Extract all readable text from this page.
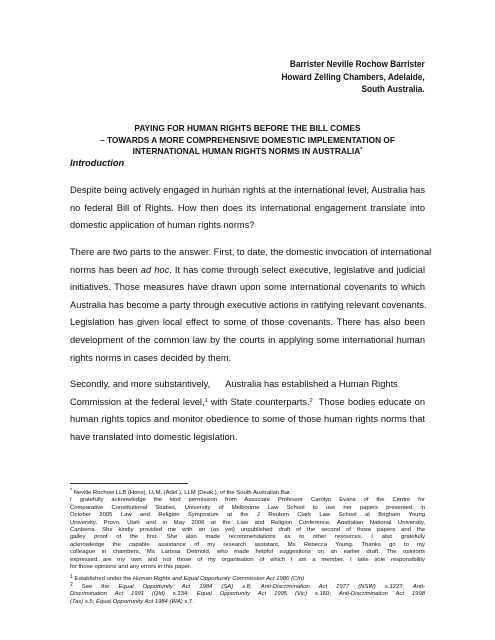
Barrister Neville Rochow Barrister
Howard Zelling Chambers, Adelaide,
South Australia.
PAYING FOR HUMAN RIGHTS BEFORE THE BILL COMES
– TOWARDS A MORE COMPREHENSIVE DOMESTIC IMPLEMENTATION OF
INTERNATIONAL HUMAN RIGHTS NORMS IN AUSTRALIA*
Introduction
Despite being actively engaged in human rights at the international level, Australia has
no federal Bill of Rights. How then does its international engagement translate into
domestic application of human rights norms?
There are two parts to the answer. First, to date, the domestic invocation of international
norms has been ad hoc. It has come through select executive, legislative and judicial
initiatives. Those measures have drawn upon some international covenants to which
Australia has become a party through executive actions in ratifying relevant covenants.
Legislation has given local effect to some of those covenants. There has also been
development of the common law by the courts in applying some international human
rights norms in cases decided by them.
Secondly, and more substantively,      Australia has established a Human Rights
Commission at the federal level,$^1$ with State counterparts.$^2$  Those bodies educate on
human rights topics and monitor obedience to some of those human rights norms that
have translated into domestic legislation.

* Neville Rochow LLB (Hons), LLM, (Adel.), LLM (Deak.), of the South Australian Bar.

I gratefully acknowledge the kind permission from Associate Professor Carolyn Evans of the Centre for
Comparative Constitutional Studies, University of Melbourne Law School to use her papers presented in
October 2005 Law and Religion Symposium at the J Reuben Clark Law School at Brigham Young
University, Provo, Utah and in May 2006 at the Law and Religion Conference, Australian National University,
Canberra. She kindly provided me with an (as yet) unpublished draft of the second of those papers and the
galley proof of the first. She also made recommendations as to other resources. I also gratefully
acknowledge the capable assistance of my research assistant, Ms Rebecca Young. Thanks go to my
colleague in chambers, Ms Larissa Detmold, who made helpful suggestions on an earlier draft. The opinions
expressed are my own and not those of my organisation of which I am a member. I take sole responsibility
for those opinions and any errors in this paper.

$^1$ Established under the Human Rights and Equal Opportunity Commission Act 1986 (Cth)

$^2$ See the Equal Opportunity Act 1984 (SA) s.8; Anti-Discrimination Act 1977 (NSW) s.122T; Anti-
Discrimination Act 1991 (Qld) s.234; Equal Opportunity Act 1995 (Vic) s.160; Anti-Discrimination Act 1998
(Tas) s.5; Equal Opportunity Act 1984 (WA) s.7.
